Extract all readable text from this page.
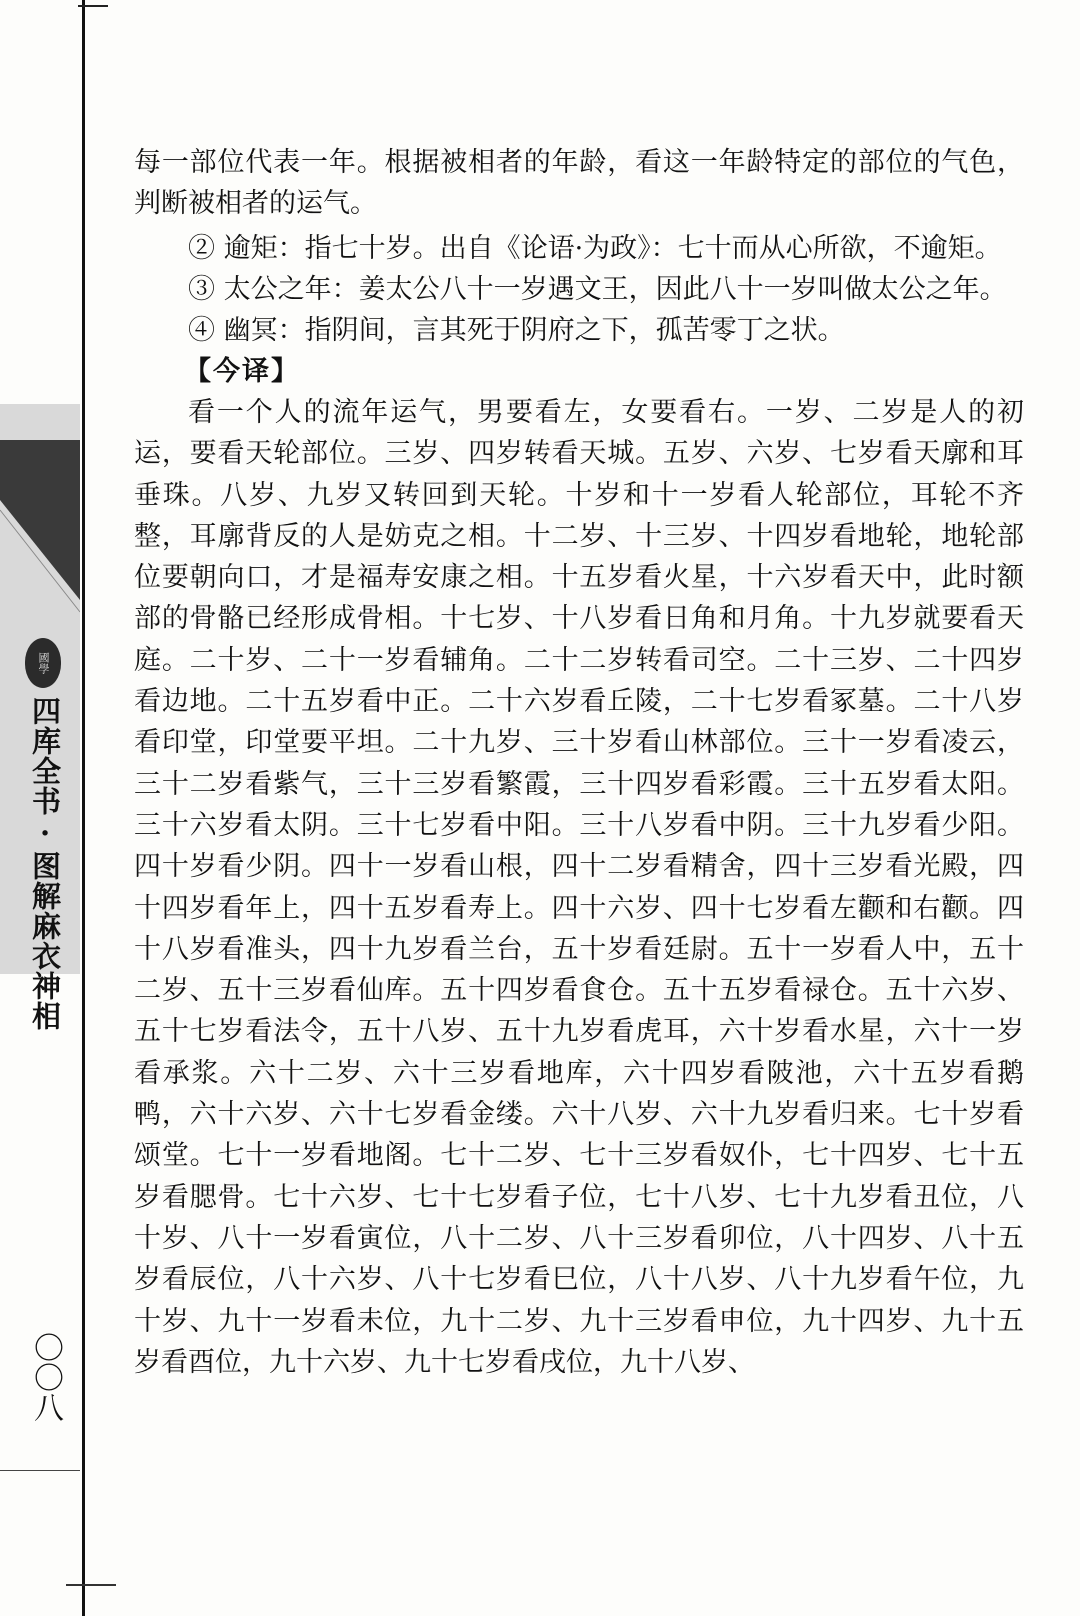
國學
四库全书·图解麻衣神相
〇〇八

每一部位代表一年。根据被相者的年龄，看这一年龄特定的部位的气色，判断被相者的运气。

② 逾矩：指七十岁。出自《论语·为政》：七十而从心所欲，不逾矩。

③ 太公之年：姜太公八十一岁遇文王，因此八十一岁叫做太公之年。

④ 幽冥：指阴间，言其死于阴府之下，孤苦零丁之状。

【今译】

看一个人的流年运气，男要看左，女要看右。一岁、二岁是人的初运，要看天轮部位。三岁、四岁转看天城。五岁、六岁、七岁看天廓和耳垂珠。八岁、九岁又转回到天轮。十岁和十一岁看人轮部位，耳轮不齐整，耳廓背反的人是妨克之相。十二岁、十三岁、十四岁看地轮，地轮部位要朝向口，才是福寿安康之相。十五岁看火星，十六岁看天中，此时额部的骨骼已经形成骨相。十七岁、十八岁看日角和月角。十九岁就要看天庭。二十岁、二十一岁看辅角。二十二岁转看司空。二十三岁、二十四岁看边地。二十五岁看中正。二十六岁看丘陵，二十七岁看冢墓。二十八岁看印堂，印堂要平坦。二十九岁、三十岁看山林部位。三十一岁看凌云，三十二岁看紫气，三十三岁看繁霞，三十四岁看彩霞。三十五岁看太阳。三十六岁看太阴。三十七岁看中阳。三十八岁看中阴。三十九岁看少阳。四十岁看少阴。四十一岁看山根，四十二岁看精舍，四十三岁看光殿，四十四岁看年上，四十五岁看寿上。四十六岁、四十七岁看左颧和右颧。四十八岁看准头，四十九岁看兰台，五十岁看廷尉。五十一岁看人中，五十二岁、五十三岁看仙库。五十四岁看食仓。五十五岁看禄仓。五十六岁、五十七岁看法令，五十八岁、五十九岁看虎耳，六十岁看水星，六十一岁看承浆。六十二岁、六十三岁看地库，六十四岁看陂池，六十五岁看鹅鸭，六十六岁、六十七岁看金缕。六十八岁、六十九岁看归来。七十岁看颂堂。七十一岁看地阁。七十二岁、七十三岁看奴仆，七十四岁、七十五岁看腮骨。七十六岁、七十七岁看子位，七十八岁、七十九岁看丑位，八十岁、八十一岁看寅位，八十二岁、八十三岁看卯位，八十四岁、八十五岁看辰位，八十六岁、八十七岁看巳位，八十八岁、八十九岁看午位，九十岁、九十一岁看未位，九十二岁、九十三岁看申位，九十四岁、九十五岁看酉位，九十六岁、九十七岁看戌位，九十八岁、
